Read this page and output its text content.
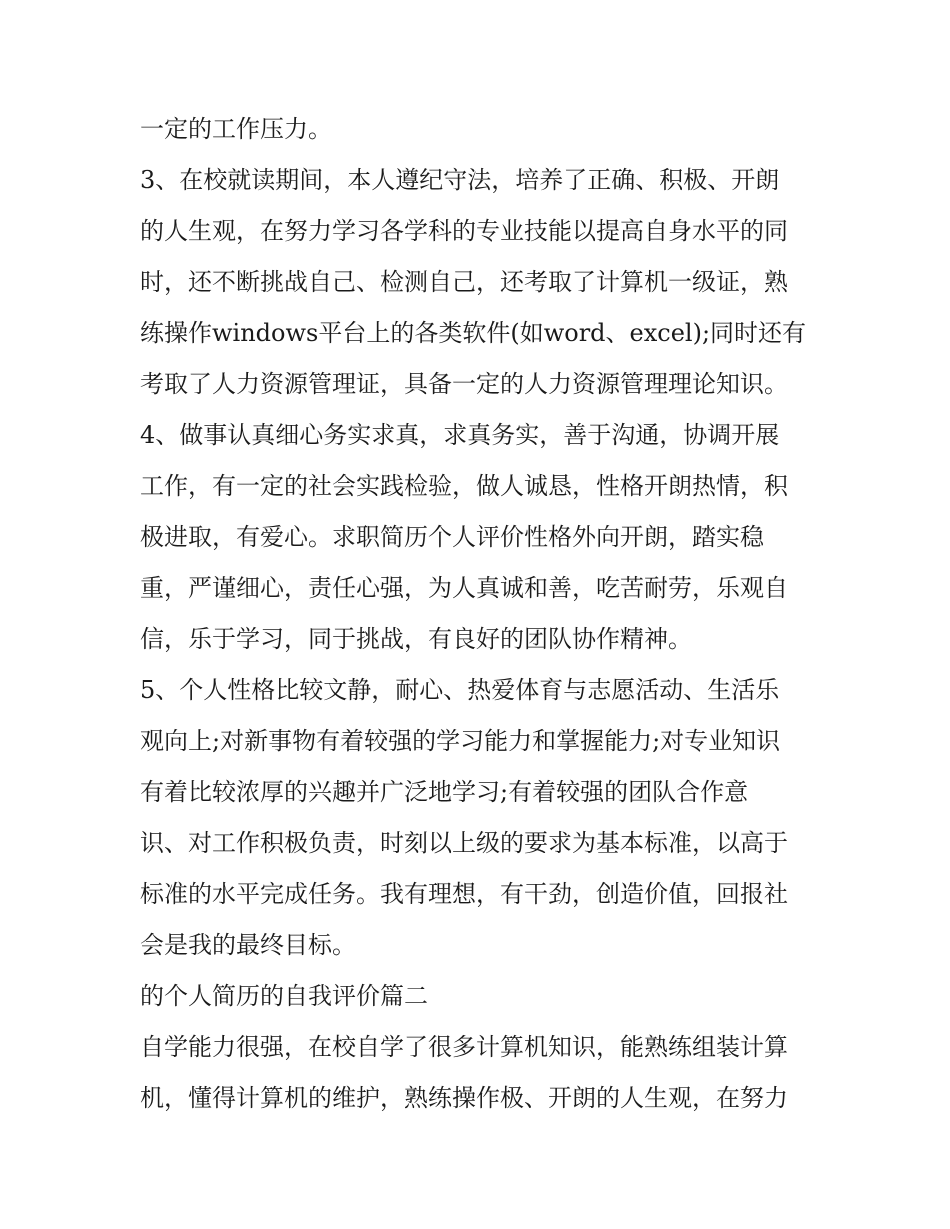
一定的工作压力。
3、在校就读期间，本人遵纪守法，培养了正确、积极、开朗
的人生观，在努力学习各学科的专业技能以提高自身水平的同
时，还不断挑战自己、检测自己，还考取了计算机一级证，熟
练操作windows平台上的各类软件(如word、excel);同时还有
考取了人力资源管理证，具备一定的人力资源管理理论知识。
4、做事认真细心务实求真，求真务实，善于沟通，协调开展
工作，有一定的社会实践检验，做人诚恳，性格开朗热情，积
极进取，有爱心。求职简历个人评价性格外向开朗，踏实稳
重，严谨细心，责任心强，为人真诚和善，吃苦耐劳，乐观自
信，乐于学习，同于挑战，有良好的团队协作精神。
5、个人性格比较文静，耐心、热爱体育与志愿活动、生活乐
观向上;对新事物有着较强的学习能力和掌握能力;对专业知识
有着比较浓厚的兴趣并广泛地学习;有着较强的团队合作意
识、对工作积极负责，时刻以上级的要求为基本标准，以高于
标准的水平完成任务。我有理想，有干劲，创造价值，回报社
会是我的最终目标。
的个人简历的自我评价篇二
自学能力很强，在校自学了很多计算机知识，能熟练组装计算
机，懂得计算机的维护，熟练操作极、开朗的人生观，在努力
